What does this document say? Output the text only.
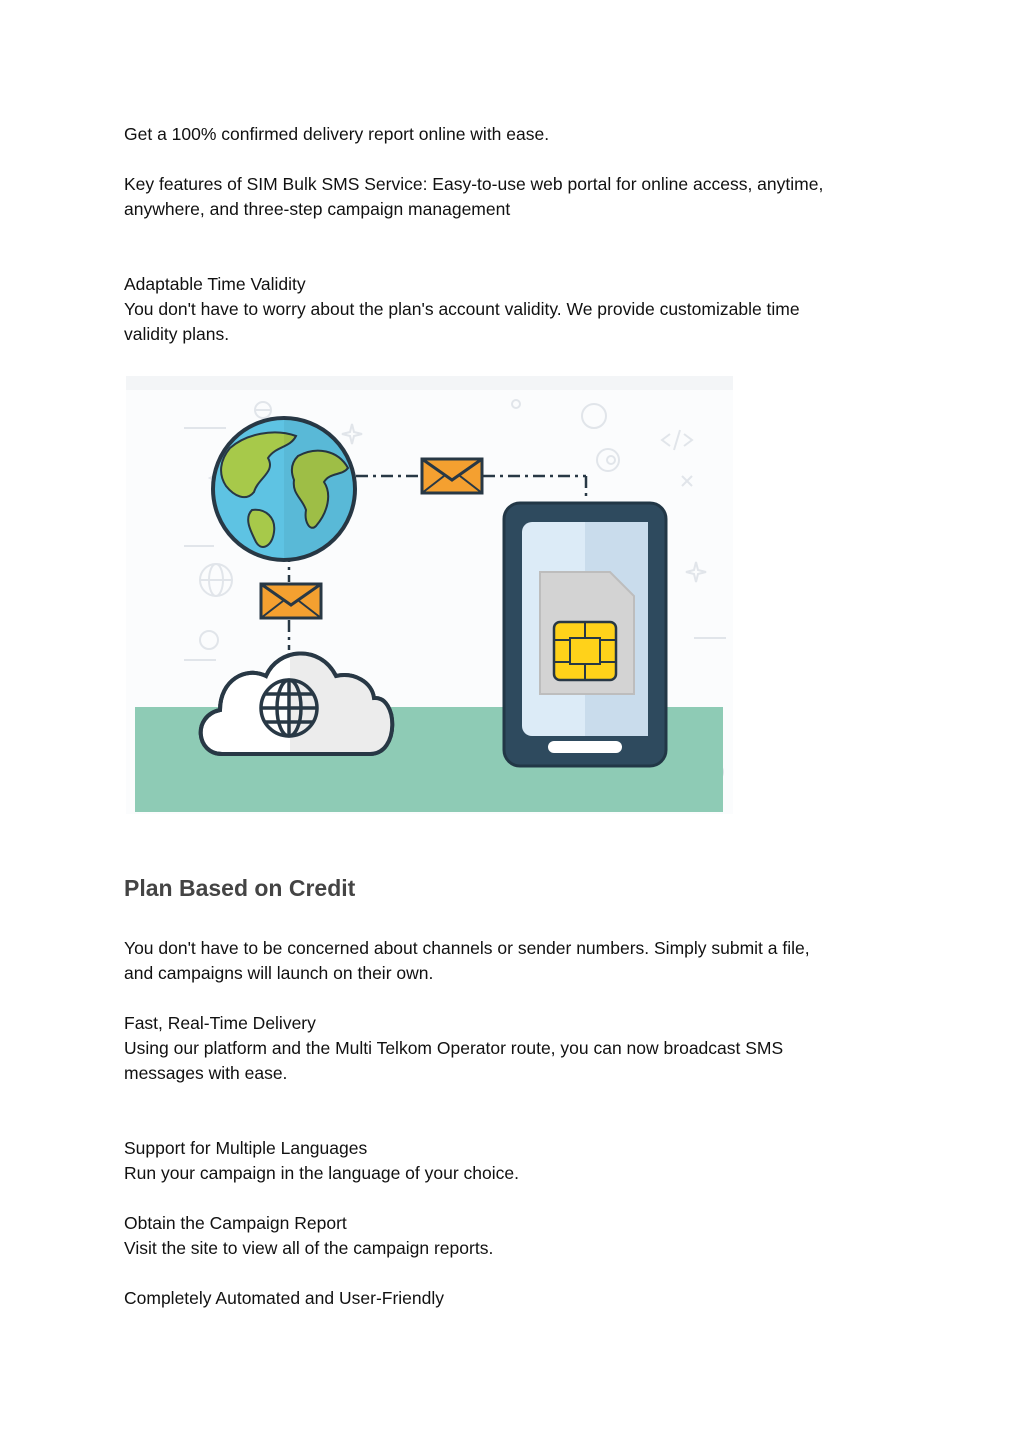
Get a 100% confirmed delivery report online with ease.

Key features of SIM Bulk SMS Service: Easy-to-use web portal for online access, anytime,
anywhere, and three-step campaign management

Adaptable Time Validity
You don't have to worry about the plan's account validity. We provide customizable time
validity plans.

Plan Based on Credit

You don't have to be concerned about channels or sender numbers. Simply submit a file,
and campaigns will launch on their own.

Fast, Real-Time Delivery
Using our platform and the Multi Telkom Operator route, you can now broadcast SMS
messages with ease.

Support for Multiple Languages
Run your campaign in the language of your choice.

Obtain the Campaign Report
Visit the site to view all of the campaign reports.

Completely Automated and User-Friendly
